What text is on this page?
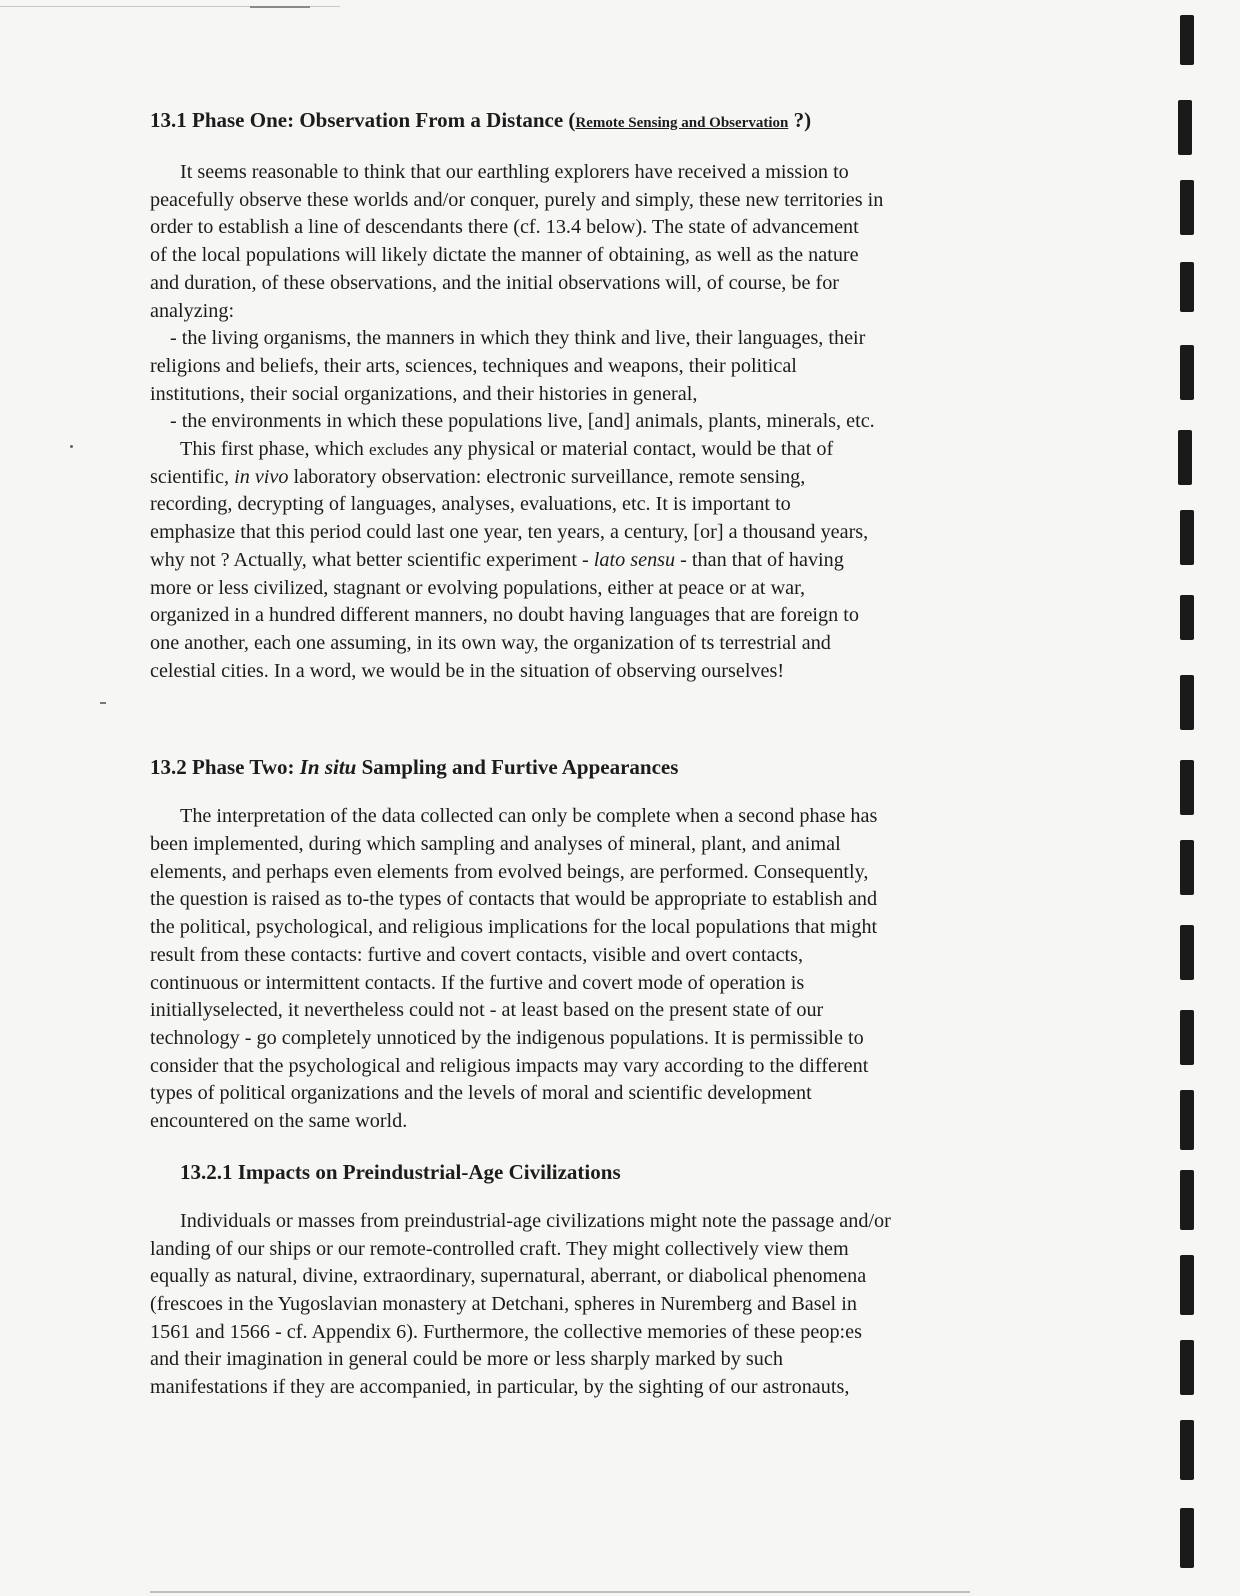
13.1 Phase One: Observation From a Distance (Remote Sensing and Observation ?)
It seems reasonable to think that our earthling explorers have received a mission to
peacefully observe these worlds and/or conquer, purely and simply, these new territories in
order to establish a line of descendants there (cf. 13.4 below). The state of advancement
of the local populations will likely dictate the manner of obtaining, as well as the nature
and duration, of these observations, and the initial observations will, of course, be for
analyzing:
- the living organisms, the manners in which they think and live, their languages, their
religions and beliefs, their arts, sciences, techniques and weapons, their political
institutions, their social organizations, and their histories in general,
- the environments in which these populations live, [and] animals, plants, minerals, etc.
This first phase, which excludes any physical or material contact, would be that of
scientific, in vivo laboratory observation: electronic surveillance, remote sensing,
recording, decrypting of languages, analyses, evaluations, etc. It is important to
emphasize that this period could last one year, ten years, a century, [or] a thousand years,
why not ? Actually, what better scientific experiment - lato sensu - than that of having
more or less civilized, stagnant or evolving populations, either at peace or at war,
organized in a hundred different manners, no doubt having languages that are foreign to
one another, each one assuming, in its own way, the organization of ts terrestrial and
celestial cities. In a word, we would be in the situation of observing ourselves!
13.2 Phase Two: In situ Sampling and Furtive Appearances
The interpretation of the data collected can only be complete when a second phase has
been implemented, during which sampling and analyses of mineral, plant, and animal
elements, and perhaps even elements from evolved beings, are performed. Consequently,
the question is raised as to-the types of contacts that would be appropriate to establish and
the political, psychological, and religious implications for the local populations that might
result from these contacts: furtive and covert contacts, visible and overt contacts,
continuous or intermittent contacts. If the furtive and covert mode of operation is
initiallyselected, it nevertheless could not - at least based on the present state of our
technology - go completely unnoticed by the indigenous populations. It is permissible to
consider that the psychological and religious impacts may vary according to the different
types of political organizations and the levels of moral and scientific development
encountered on the same world.
13.2.1 Impacts on Preindustrial-Age Civilizations
Individuals or masses from preindustrial-age civilizations might note the passage and/or
landing of our ships or our remote-controlled craft. They might collectively view them
equally as natural, divine, extraordinary, supernatural, aberrant, or diabolical phenomena
(frescoes in the Yugoslavian monastery at Detchani, spheres in Nuremberg and Basel in
1561 and 1566 - cf. Appendix 6). Furthermore, the collective memories of these peop:es
and their imagination in general could be more or less sharply marked by such
manifestations if they are accompanied, in particular, by the sighting of our astronauts,
